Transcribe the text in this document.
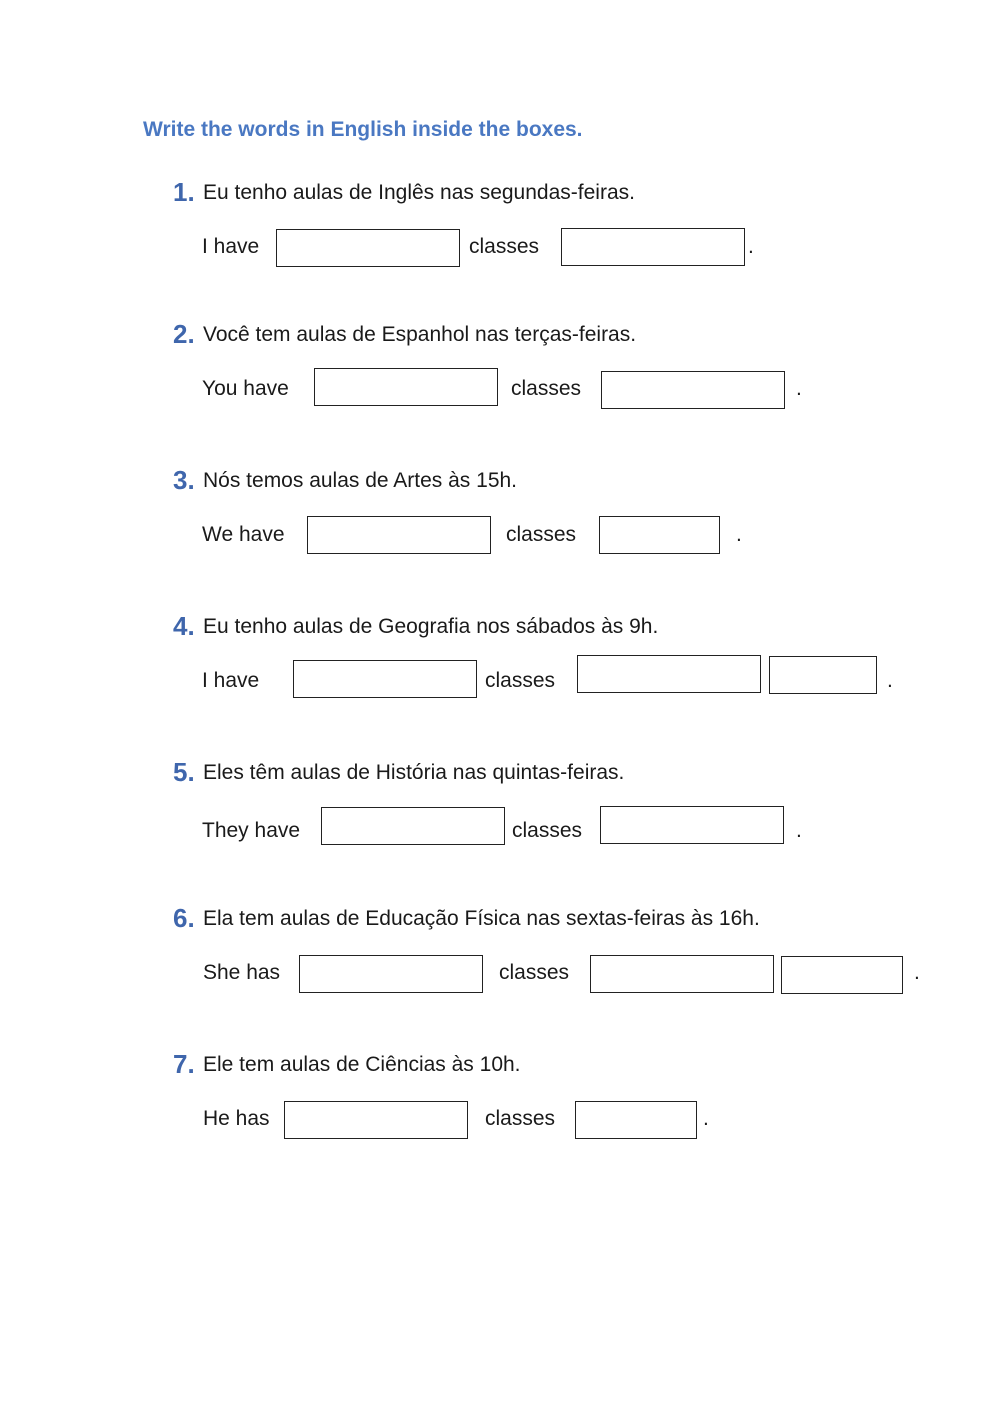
Write the words in English inside the boxes.
1. Eu tenho aulas de Inglês nas segundas-feiras.
I have	classes	.
2. Você tem aulas de Espanhol nas terças-feiras.
You have	classes	.
3. Nós temos aulas de Artes às 15h.
We have	classes	.
4. Eu tenho aulas de Geografia nos sábados às 9h.
I have	classes	.
5. Eles têm aulas de História nas quintas-feiras.
They have	classes	.
6. Ela tem aulas de Educação Física nas sextas-feiras às 16h.
She has	classes	.
7. Ele tem aulas de Ciências às 10h.
He has	classes	.
